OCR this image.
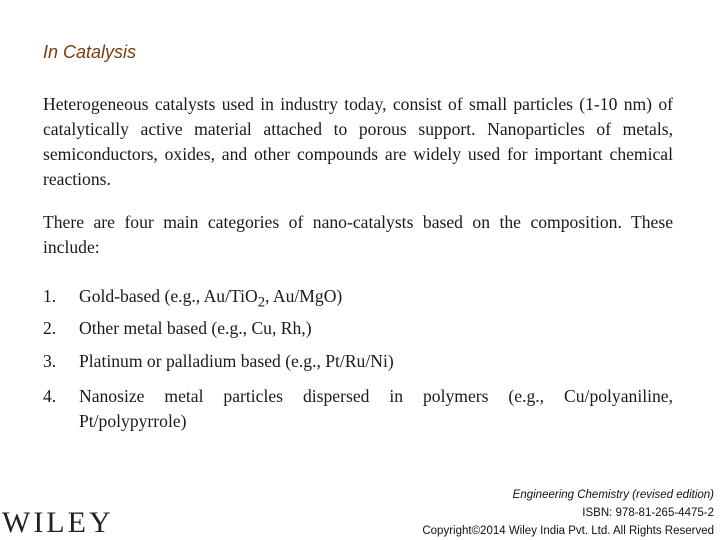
In Catalysis
Heterogeneous catalysts used in industry today, consist of small particles (1-10 nm) of catalytically active material attached to porous support. Nanoparticles of metals, semiconductors, oxides, and other compounds are widely used for important chemical reactions.
There are four main categories of nano-catalysts based on the composition. These include:
1. Gold-based (e.g., Au/TiO$_2$, Au/MgO)
2. Other metal based (e.g., Cu, Rh,)
3. Platinum or palladium based (e.g., Pt/Ru/Ni)
4. Nanosize metal particles dispersed in polymers (e.g., Cu/polyaniline, Pt/polypyrrole)
WILEY
Engineering Chemistry (revised edition)
ISBN: 978-81-265-4475-2
Copyright©2014 Wiley India Pvt. Ltd. All Rights Reserved
